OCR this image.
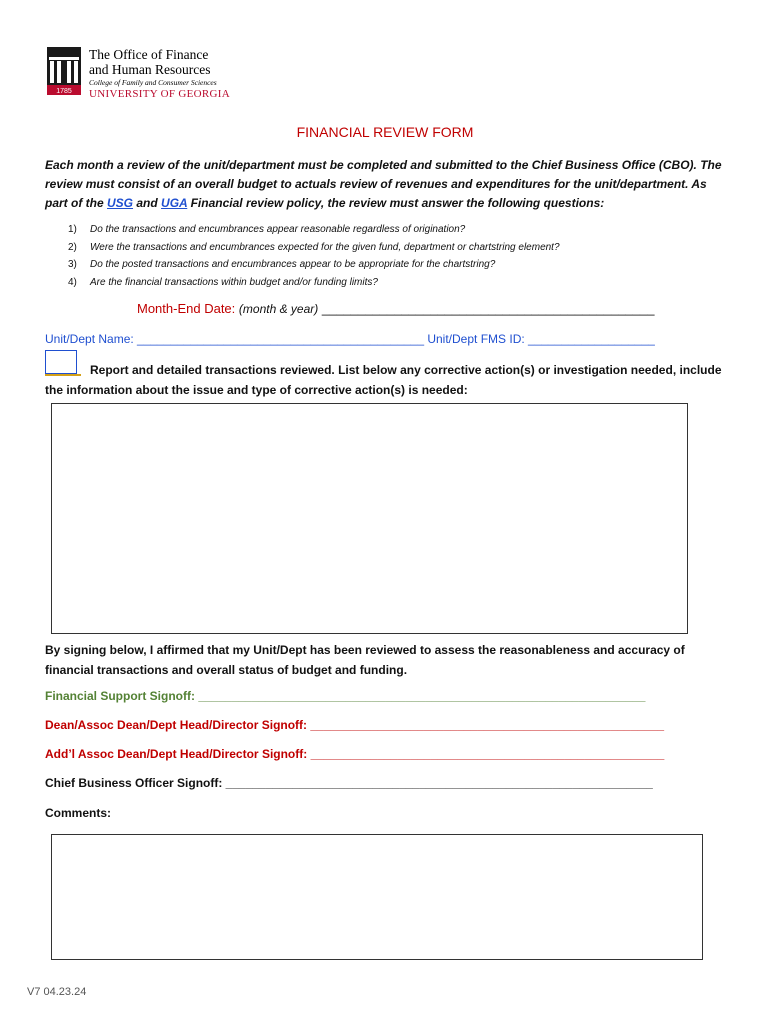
1785
The Office of Finance
and Human Resources
College of Family and Consumer Sciences
UNIVERSITY OF GEORGIA
FINANCIAL REVIEW FORM
Each month a review of the unit/department must be completed and submitted to the Chief Business Office (CBO). The review must consist of an overall budget to actuals review of revenues and expenditures for the unit/department. As part of the USG and UGA Financial review policy, the review must answer the following questions:
1) Do the transactions and encumbrances appear reasonable regardless of origination?
2) Were the transactions and encumbrances expected for the given fund, department or chartstring element?
3) Do the posted transactions and encumbrances appear to be appropriate for the chartstring?
4) Are the financial transactions within budget and/or funding limits?
Month-End Date: (month & year) ______________________________________________
Unit/Dept Name: ___________________________________________ Unit/Dept FMS ID: ___________________
Report and detailed transactions reviewed. List below any corrective action(s) or investigation needed, include the information about the issue and type of corrective action(s) is needed:
By signing below, I affirmed that my Unit/Dept has been reviewed to assess the reasonableness and accuracy of financial transactions and overall status of budget and funding.
Financial Support Signoff: ___________________________________________________________________
Dean/Assoc Dean/Dept Head/Director Signoff: _____________________________________________________
Add’l Assoc Dean/Dept Head/Director Signoff: _____________________________________________________
Chief Business Officer Signoff: ________________________________________________________________
Comments:
V7 04.23.24
